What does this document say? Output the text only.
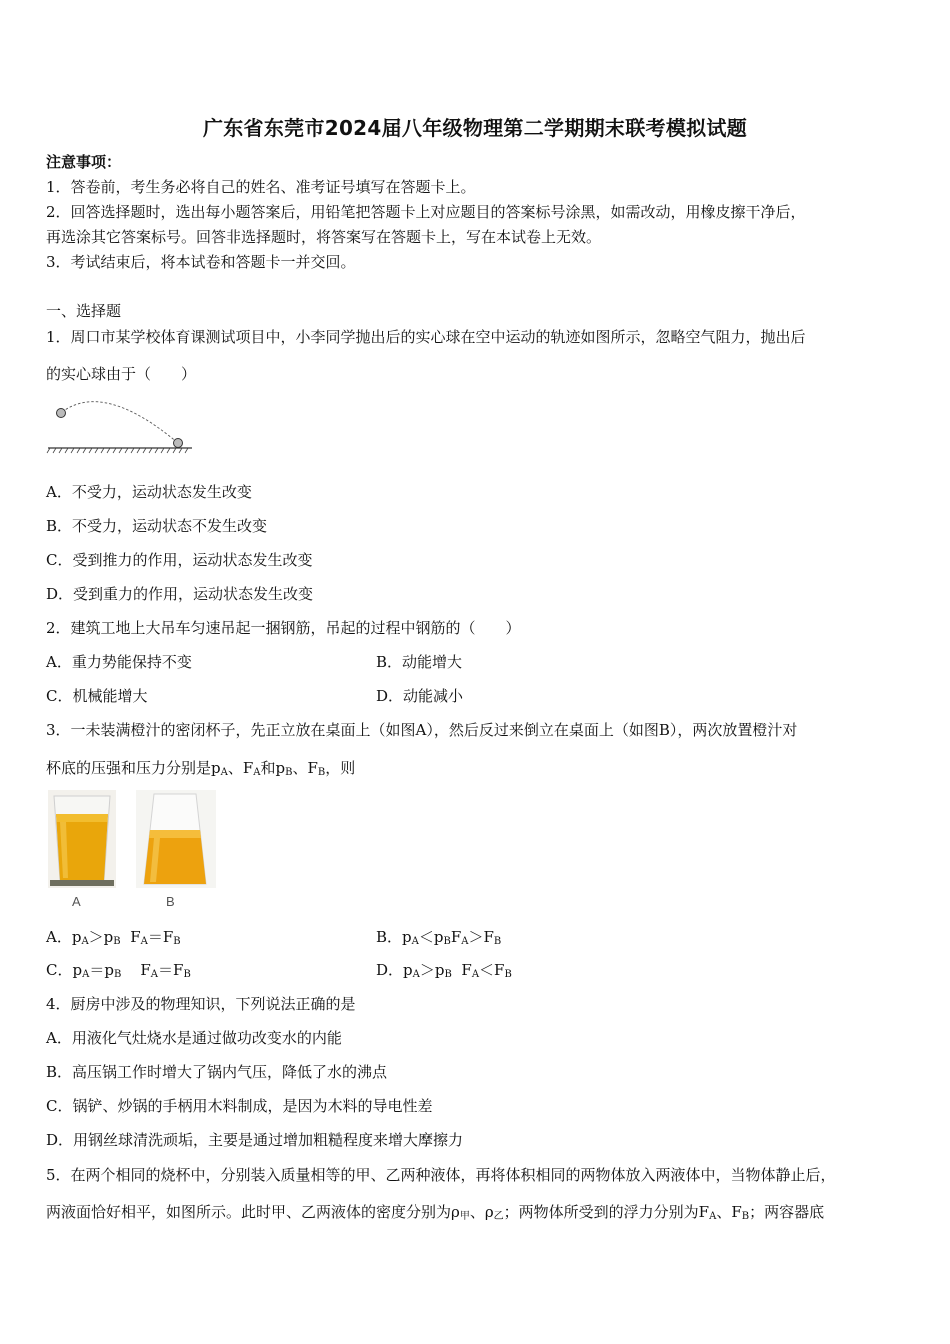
广东省东莞市2024届八年级物理第二学期期末联考模拟试题
注意事项：
1．答卷前，考生务必将自己的姓名、准考证号填写在答题卡上。
2．回答选择题时，选出每小题答案后，用铅笔把答题卡上对应题目的答案标号涂黑，如需改动，用橡皮擦干净后，
再选涂其它答案标号。回答非选择题时，将答案写在答题卡上，写在本试卷上无效。
3．考试结束后，将本试卷和答题卡一并交回。
一、选择题
1．周口市某学校体育课测试项目中，小李同学抛出后的实心球在空中运动的轨迹如图所示，忽略空气阻力，抛出后
的实心球由于（　　）
A．不受力，运动状态发生改变
B．不受力，运动状态不发生改变
C．受到推力的作用，运动状态发生改变
D．受到重力的作用，运动状态发生改变
2．建筑工地上大吊车匀速吊起一捆钢筋，吊起的过程中钢筋的（　　）
A．重力势能保持不变	B．动能增大
C．机械能增大	D．动能减小
3．一未装满橙汁的密闭杯子，先正立放在桌面上（如图A），然后反过来倒立在桌面上（如图B），两次放置橙汁对
杯底的压强和压力分别是$p_A$、$F_A$和$p_B$、$F_B$，则
A	B
A．$p_A>p_B$ $F_A=F_B$	B．$p_A<p_BF_A>F_B$
C．$p_A=p_B$ $F_A=F_B$	D．$p_A>p_B$ $F_A<F_B$
4．厨房中涉及的物理知识，下列说法正确的是
A．用液化气灶烧水是通过做功改变水的内能
B．高压锅工作时增大了锅内气压，降低了水的沸点
C．锅铲、炒锅的手柄用木料制成，是因为木料的导电性差
D．用钢丝球清洗顽垢，主要是通过增加粗糙程度来增大摩擦力
5．在两个相同的烧杯中，分别装入质量相等的甲、乙两种液体，再将体积相同的两物体放入两液体中，当物体静止后，
两液面恰好相平，如图所示。此时甲、乙两液体的密度分别为$\rho_甲$、$\rho_乙$；两物体所受到的浮力分别为$F_A$、$F_B$；两容器底
